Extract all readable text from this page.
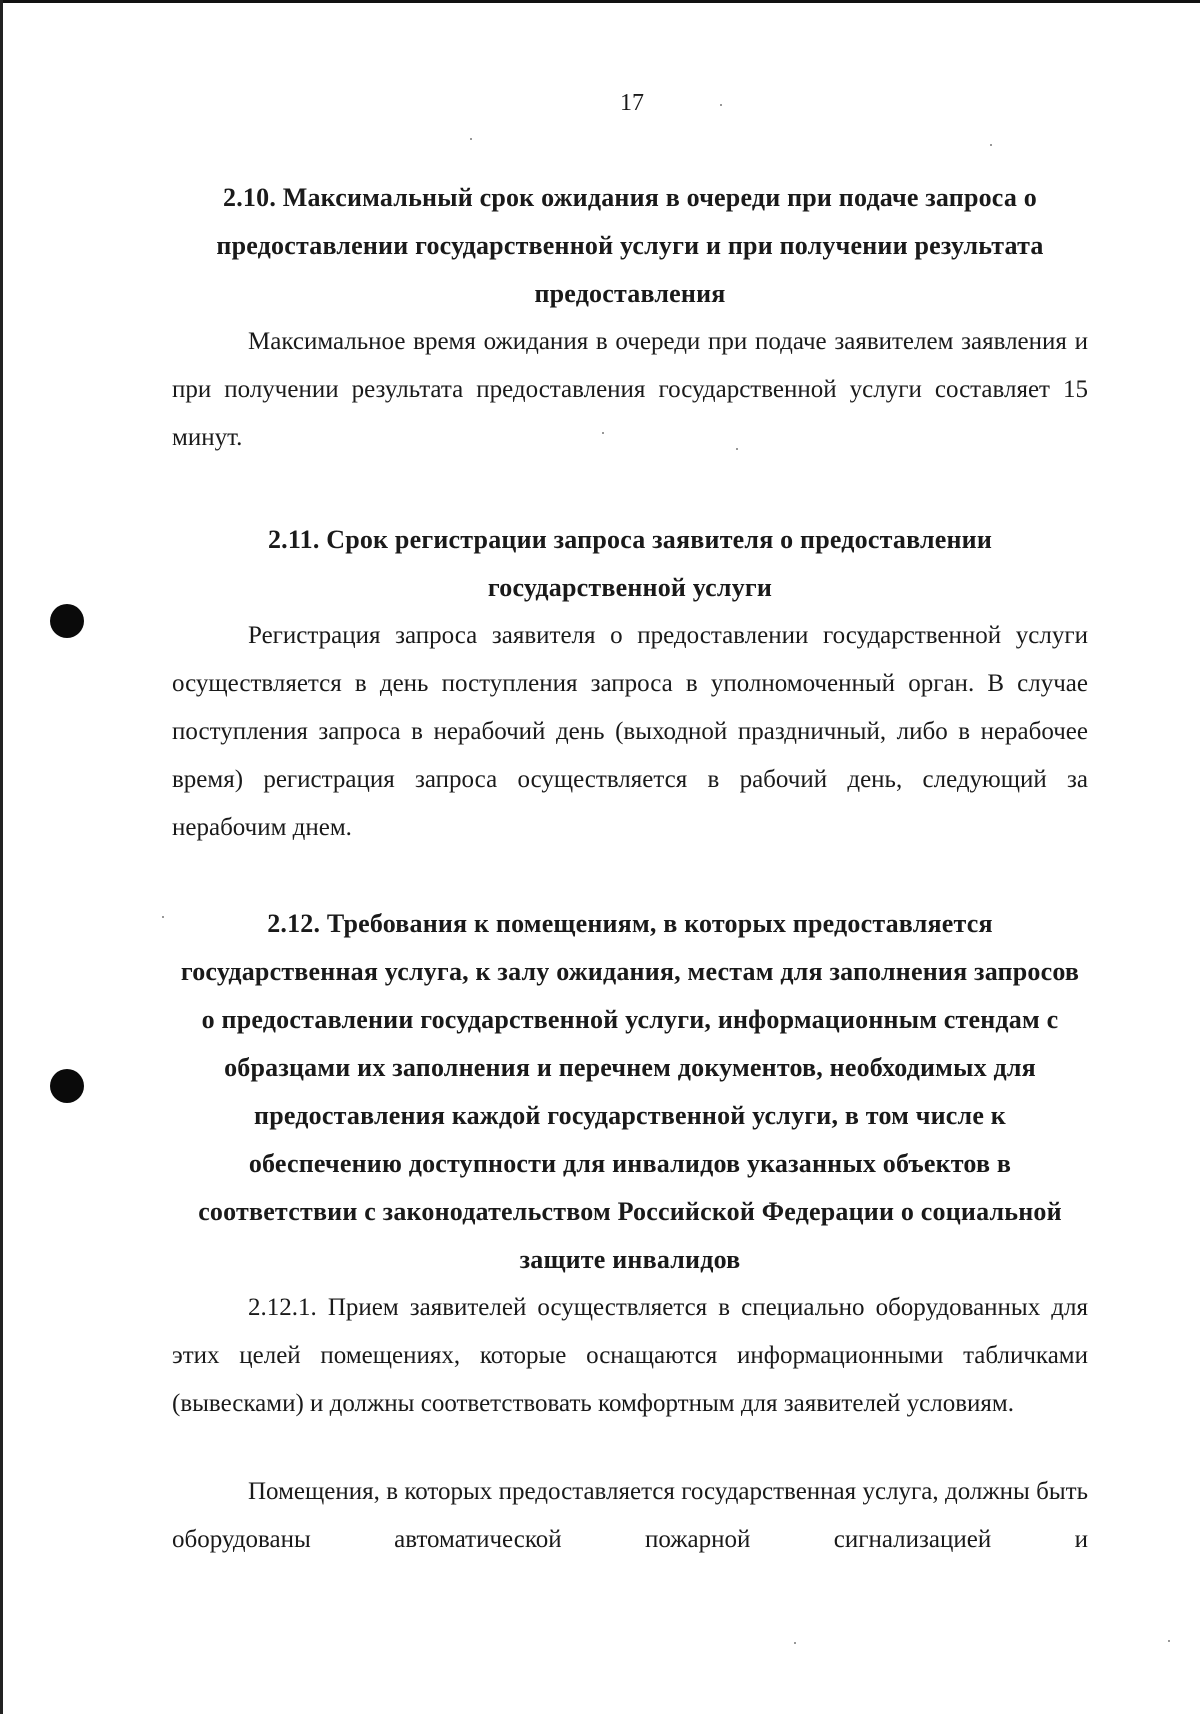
17

2.10. Максимальный срок ожидания в очереди при подаче запроса о предоставлении государственной услуги и при получении результата предоставления

Максимальное время ожидания в очереди при подаче заявителем заявления и при получении результата предоставления государственной услуги составляет 15 минут.

2.11. Срок регистрации запроса заявителя о предоставлении государственной услуги

Регистрация запроса заявителя о предоставлении государственной услуги осуществляется в день поступления запроса в уполномоченный орган. В случае поступления запроса в нерабочий день (выходной праздничный, либо в нерабочее время) регистрация запроса осуществляется в рабочий день, следующий за нерабочим днем.

2.12. Требования к помещениям, в которых предоставляется государственная услуга, к залу ожидания, местам для заполнения запросов о предоставлении государственной услуги, информационным стендам с образцами их заполнения и перечнем документов, необходимых для предоставления каждой государственной услуги, в том числе к обеспечению доступности для инвалидов указанных объектов в соответствии с законодательством Российской Федерации о социальной защите инвалидов

2.12.1. Прием заявителей осуществляется в специально оборудованных для этих целей помещениях, которые оснащаются информационными табличками (вывесками) и должны соответствовать комфортным для заявителей условиям.

Помещения, в которых предоставляется государственная услуга, должны быть оборудованы автоматической пожарной сигнализацией и
